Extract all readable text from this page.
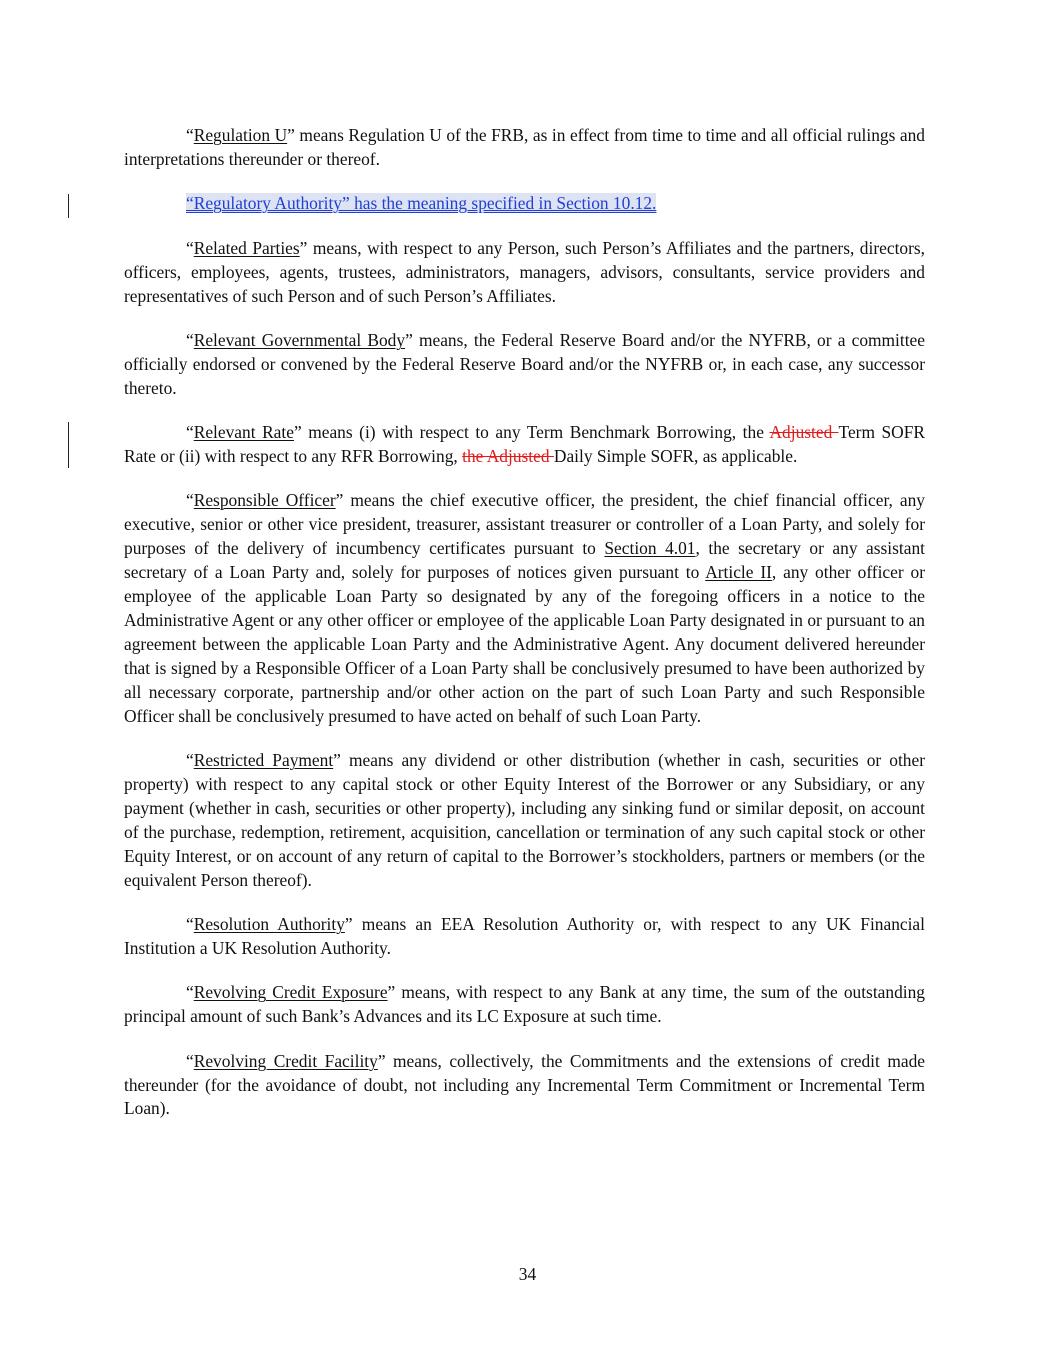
“Regulation U” means Regulation U of the FRB, as in effect from time to time and all official rulings and interpretations thereunder or thereof.

“Regulatory Authority” has the meaning specified in Section 10.12.

“Related Parties” means, with respect to any Person, such Person’s Affiliates and the partners, directors, officers, employees, agents, trustees, administrators, managers, advisors, consultants, service providers and representatives of such Person and of such Person’s Affiliates.

“Relevant Governmental Body” means, the Federal Reserve Board and/or the NYFRB, or a committee officially endorsed or convened by the Federal Reserve Board and/or the NYFRB or, in each case, any successor thereto.

“Relevant Rate” means (i) with respect to any Term Benchmark Borrowing, the Adjusted Term SOFR Rate or (ii) with respect to any RFR Borrowing, the Adjusted Daily Simple SOFR, as applicable.

“Responsible Officer” means the chief executive officer, the president, the chief financial officer, any executive, senior or other vice president, treasurer, assistant treasurer or controller of a Loan Party, and solely for purposes of the delivery of incumbency certificates pursuant to Section 4.01, the secretary or any assistant secretary of a Loan Party and, solely for purposes of notices given pursuant to Article II, any other officer or employee of the applicable Loan Party so designated by any of the foregoing officers in a notice to the Administrative Agent or any other officer or employee of the applicable Loan Party designated in or pursuant to an agreement between the applicable Loan Party and the Administrative Agent. Any document delivered hereunder that is signed by a Responsible Officer of a Loan Party shall be conclusively presumed to have been authorized by all necessary corporate, partnership and/or other action on the part of such Loan Party and such Responsible Officer shall be conclusively presumed to have acted on behalf of such Loan Party.

“Restricted Payment” means any dividend or other distribution (whether in cash, securities or other property) with respect to any capital stock or other Equity Interest of the Borrower or any Subsidiary, or any payment (whether in cash, securities or other property), including any sinking fund or similar deposit, on account of the purchase, redemption, retirement, acquisition, cancellation or termination of any such capital stock or other Equity Interest, or on account of any return of capital to the Borrower’s stockholders, partners or members (or the equivalent Person thereof).

“Resolution Authority” means an EEA Resolution Authority or, with respect to any UK Financial Institution a UK Resolution Authority.

“Revolving Credit Exposure” means, with respect to any Bank at any time, the sum of the outstanding principal amount of such Bank’s Advances and its LC Exposure at such time.

“Revolving Credit Facility” means, collectively, the Commitments and the extensions of credit made thereunder (for the avoidance of doubt, not including any Incremental Term Commitment or Incremental Term Loan).

34
